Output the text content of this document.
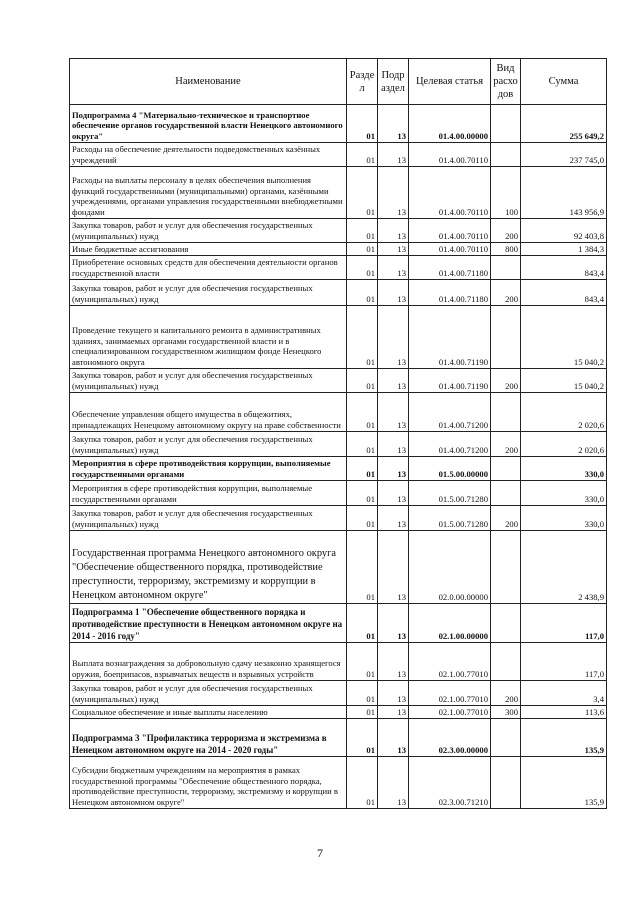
Наименование	Разде л	Подр аздел	Целевая статья	Вид расхо дов	Сумма
Подпрограмма 4 "Материально-техническое и транспортное обеспечение органов государственной власти Ненецкого автономного округа"	01	13	01.4.00.00000		255 649,2
Расходы на обеспечение деятельности подведомственных казённых учреждений	01	13	01.4.00.70110		237 745,0
Расходы на выплаты персоналу в целях обеспечения выполнения функций государственными (муниципальными) органами, казёнными учреждениями, органами управления государственными внебюджетными фондами	01	13	01.4.00.70110	100	143 956,9
Закупка товаров, работ и услуг для обеспечения государственных (муниципальных) нужд	01	13	01.4.00.70110	200	92 403,8
Иные бюджетные ассигнования	01	13	01.4.00.70110	800	1 384,3
Приобретение основных средств для обеспечения деятельности органов государственной власти	01	13	01.4.00.71180		843,4
Закупка товаров, работ и услуг для обеспечения государственных (муниципальных) нужд	01	13	01.4.00.71180	200	843,4
Проведение текущего и капитального ремонта в административных зданиях, занимаемых органами государственной власти и в специализированном государственном жилищном фонде Ненецкого автономного округа	01	13	01.4.00.71190		15 040,2
Закупка товаров, работ и услуг для обеспечения государственных (муниципальных) нужд	01	13	01.4.00.71190	200	15 040,2
Обеспечение управления общего имущества в общежитиях, принадлежащих Ненецкому автономному округу на праве собственности	01	13	01.4.00.71200		2 020,6
Закупка товаров, работ и услуг для обеспечения государственных (муниципальных) нужд	01	13	01.4.00.71200	200	2 020,6
Мероприятия в сфере противодействия коррупции, выполняемые государственными органами	01	13	01.5.00.00000		330,0
Мероприятия в сфере противодействия коррупции, выполняемые государственными органами	01	13	01.5.00.71280		330,0
Закупка товаров, работ и услуг для обеспечения государственных (муниципальных) нужд	01	13	01.5.00.71280	200	330,0
Государственная программа Ненецкого автономного округа "Обеспечение общественного порядка, противодействие преступности, терроризму, экстремизму и коррупции в Ненецком автономном округе"	01	13	02.0.00.00000		2 438,9
Подпрограмма 1 "Обеспечение общественного порядка и противодействие преступности в Ненецком автономном округе на 2014 - 2016 году"	01	13	02.1.00.00000		117,0
Выплата вознаграждения за добровольную сдачу незаконно хранящегося оружия, боеприпасов, взрывчатых веществ и взрывных устройств	01	13	02.1.00.77010		117,0
Закупка товаров, работ и услуг для обеспечения государственных (муниципальных) нужд	01	13	02.1.00.77010	200	3,4
Социальное обеспечение и иные выплаты населению	01	13	02.1.00.77010	300	113,6
Подпрограмма 3 "Профилактика терроризма и экстремизма в Ненецком автономном округе на 2014 - 2020 годы"	01	13	02.3.00.00000		135,9
Субсидии бюджетным учреждениям на мероприятия в рамках государственной программы "Обеспечение общественного порядка, противодействие преступности, терроризму, экстремизму и коррупции в Ненецком автономном округе"	01	13	02.3.00.71210		135,9
7
